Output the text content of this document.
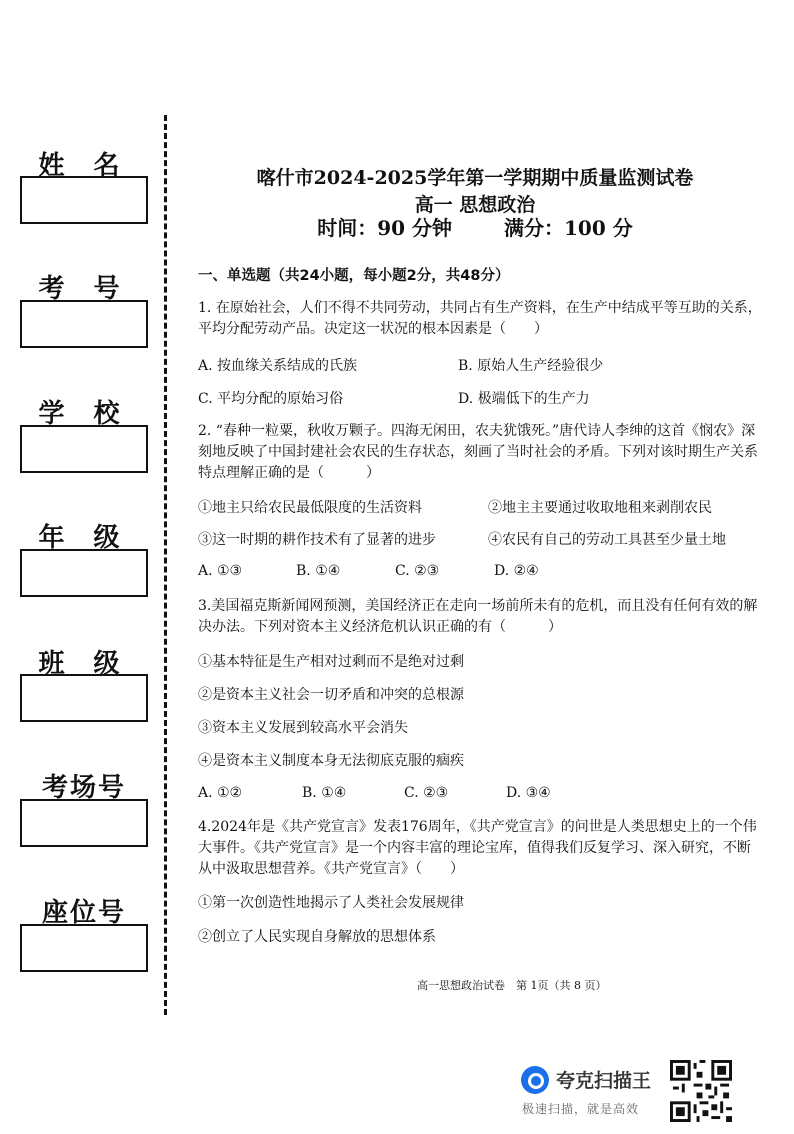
姓 名
考 号
学 校
年 级
班 级
考场号
座位号
喀什市2024-2025学年第一学期期中质量监测试卷
高一 思想政治
时间：90 分钟	满分：100 分
一、单选题（共24小题，每小题2分，共48分）
1. 在原始社会，人们不得不共同劳动，共同占有生产资料，在生产中结成平等互助的关系，平均分配劳动产品。决定这一状况的根本因素是（　　）
A. 按血缘关系结成的氏族	B. 原始人生产经验很少
C. 平均分配的原始习俗	D. 极端低下的生产力
2. “春种一粒粟，秋收万颗子。四海无闲田，农夫犹饿死。”唐代诗人李绅的这首《悯农》深刻地反映了中国封建社会农民的生存状态，刻画了当时社会的矛盾。下列对该时期生产关系特点理解正确的是（　　　）
①地主只给农民最低限度的生活资料	②地主主要通过收取地租来剥削农民
③这一时期的耕作技术有了显著的进步	④农民有自己的劳动工具甚至少量土地
A. ①③	B. ①④	C. ②③	D. ②④
3.美国福克斯新闻网预测，美国经济正在走向一场前所未有的危机，而且没有任何有效的解决办法。下列对资本主义经济危机认识正确的有（　　　）
①基本特征是生产相对过剩而不是绝对过剩
②是资本主义社会一切矛盾和冲突的总根源
③资本主义发展到较高水平会消失
④是资本主义制度本身无法彻底克服的痼疾
A. ①②	B. ①④	C. ②③	D. ③④
4.2024年是《共产党宣言》发表176周年，《共产党宣言》的问世是人类思想史上的一个伟大事件。《共产党宣言》是一个内容丰富的理论宝库，值得我们反复学习、深入研究，不断从中汲取思想营养。《共产党宣言》（　　）
①第一次创造性地揭示了人类社会发展规律
②创立了人民实现自身解放的思想体系
高一思想政治试卷　第 1页（共 8 页）
夸克扫描王
极速扫描，就是高效
